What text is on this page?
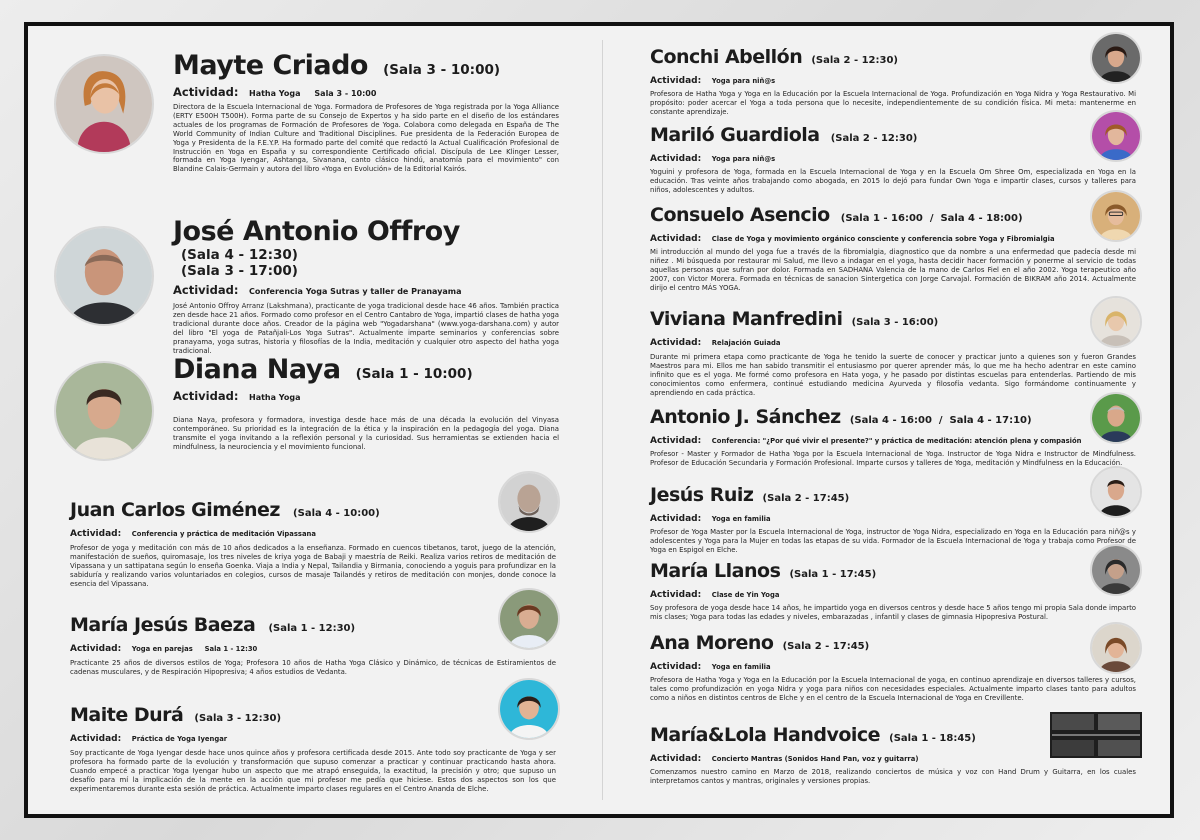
Mayte Criado (Sala 3 - 10:00)
Actividad: Hatha Yoga     Sala 3 - 10:00
Directora de la Escuela Internacional de Yoga. Formadora de Profesores de Yoga registrada por la Yoga Alliance (ERTY E500H T500H). Forma parte de su Consejo de Expertos y ha sido parte en el diseño de los estándares actuales de los programas de Formación de Profesores de Yoga. Colabora como delegada en España de The World Community of Indian Culture and Traditional Disciplines. Fue presidenta de la Federación Europea de Yoga y Presidenta de la F.E.Y.P. Ha formado parte del comité que redactó la Actual Cualificación Profesional de Instrucción en Yoga en España y su correspondiente Certificado oficial. Discípula de Lee Klinger Lesser, formada en Yoga Iyengar, Ashtanga, Sivanana, canto clásico hindú, anatomía para el movimiento" con Blandine Calais-Germain y autora del libro «Yoga en Evolución» de la Editorial Kairós.
José Antonio Offroy
(Sala 4 - 12:30)
(Sala 3 - 17:00)
Actividad: Conferencia Yoga Sutras y taller de Pranayama
José Antonio Offroy Arranz (Lakshmana), practicante de yoga tradicional desde hace 46 años. También practica zen desde hace 21 años. Formado como profesor en el Centro Cantabro de Yoga, impartió clases de hatha yoga tradicional durante doce años. Creador de la página web "Yogadarshana" (www.yoga-darshana.com) y autor del libro "El yoga de Patañjali-Los Yoga Sutras". Actualmente imparte seminarios y conferencias sobre pranayama, yoga sutras, historia y filosofías de la India, meditación y cualquier otro aspecto del hatha yoga tradicional.
Diana Naya (Sala 1 - 10:00)
Actividad: Hatha Yoga
Diana Naya, profesora y formadora, investiga desde hace más de una década la evolución del Vinyasa contemporáneo. Su prioridad es la integración de la ética y la inspiración en la pedagogía del yoga. Diana transmite el yoga invitando a la reflexión personal y la curiosidad. Sus herramientas se extienden hacia el mindfulness, la neurociencia y el movimiento funcional.
Juan Carlos Giménez (Sala 4 - 10:00)
Actividad: Conferencia y práctica de meditación Vipassana
Profesor de yoga y meditación con más de 10 años dedicados a la enseñanza. Formado en cuencos tibetanos, tarot, juego de la atención, manifestación de sueños, quiromasaje, los tres niveles de kriya yoga de Babaji y maestría de Reiki. Realiza varios retiros de meditación de Vipassana y un sattipatana según lo enseña Goenka. Viaja a India y Nepal, Tailandia y Birmania, conociendo a yoguis para profundizar en la sabiduría y realizando varios voluntariados en colegios, cursos de masaje Tailandés y retiros de meditación con monjes, donde conoce la esencia del Vipassana.
María Jesús Baeza (Sala 1 - 12:30)
Actividad: Yoga en parejas     Sala 1 - 12:30
Practicante 25 años de diversos estilos de Yoga; Profesora 10 años de Hatha Yoga Clásico y Dinámico, de técnicas de Estiramientos de cadenas musculares, y de Respiración Hipopresiva; 4 años estudios de Vedanta.
Maite Durá (Sala 3 - 12:30)
Actividad: Práctica de Yoga Iyengar
Soy practicante de Yoga Iyengar desde hace unos quince años y profesora certificada desde 2015. Ante todo soy practicante de Yoga y ser profesora ha formado parte de la evolución y transformación que supuso comenzar a practicar y continuar practicando hasta ahora. Cuando empecé a practicar Yoga Iyengar hubo un aspecto que me atrapó enseguida, la exactitud, la precisión y otro; que supuso un desafío para mí la implicación de la mente en la acción que mi profesor me pedía que hiciese. Estos dos aspectos son los que experimentaremos durante esta sesión de práctica. Actualmente imparto clases regulares en el Centro Ananda de Elche.
Conchi Abellón (Sala 2 - 12:30)
Actividad: Yoga para niñ@s
Profesora de Hatha Yoga y Yoga en la Educación por la Escuela Internacional de Yoga. Profundización en Yoga Nidra y Yoga Restaurativo. Mi propósito: poder acercar el Yoga a toda persona que lo necesite, independientemente de su condición física. Mi meta: mantenerme en constante aprendizaje.
Mariló Guardiola (Sala 2 - 12:30)
Actividad: Yoga para niñ@s
Yoguini y profesora de Yoga, formada en la Escuela Internacional de Yoga y en la Escuela Om Shree Om, especializada en Yoga en la educación. Tras veinte años trabajando como abogada, en 2015 lo dejó para fundar Own Yoga e impartir clases, cursos y talleres para niños, adolescentes y adultos.
Consuelo Asencio (Sala 1 - 16:00  /  Sala 4 - 18:00)
Actividad: Clase de Yoga y movimiento orgánico consciente y conferencia sobre Yoga y Fibromialgia
Mi introducción al mundo del yoga fue a través de la fibromialgia, diagnostico que da nombre a una enfermedad que padecía desde mi niñez . Mi búsqueda por restaurar mi Salud, me llevo a indagar en el yoga, hasta decidir hacer formación y ponerme al servicio de todas aquellas personas que sufran por dolor. Formada en SADHANA Valencia de la mano de Carlos Fiel en el año 2002. Yoga terapeutico año 2007, con Victor Morera. Formada en técnicas de sanacion Sintergetica con Jorge Carvajal. Formación de BIKRAM año 2014. Actualmente dirijo el centro MÁS YOGA.
Viviana Manfredini (Sala 3 - 16:00)
Actividad: Relajación Guiada
Durante mi primera etapa como practicante de Yoga he tenido la suerte de conocer y practicar junto a quienes son y fueron Grandes Maestros para mi. Ellos me han sabido transmitir el entusiasmo por querer aprender más, lo que me ha hecho adentrar en este camino infinito que es el yoga. Me formé como profesora en Hata yoga, y he pasado por distintas escuelas para entenderlas. Partiendo de mis conocimientos como enfermera, continué estudiando medicina Ayurveda y filosofía vedanta. Sigo formándome continuamente y aprendiendo en cada práctica.
Antonio J. Sánchez (Sala 4 - 16:00  /  Sala 4 - 17:10)
Actividad: Conferencia: "¿Por qué vivir el presente?" y práctica de meditación: atención plena y compasión
Profesor - Master y Formador de Hatha Yoga por la Escuela Internacional de Yoga. Instructor de Yoga Nidra e Instructor de Mindfulness. Profesor de Educación Secundaria y Formación Profesional. Imparte cursos y talleres de Yoga, meditación y Mindfulness en la Educación.
Jesús Ruiz (Sala 2 - 17:45)
Actividad: Yoga en familia
Profesor de Yoga Master por la Escuela Internacional de Yoga, instructor de Yoga Nidra, especializado en Yoga en la Educación para niñ@s y adolescentes y Yoga para la Mujer en todas las etapas de su vida. Formador de la Escuela Internacional de Yoga y trabaja como Profesor de Yoga en Espigol en Elche.
María Llanos (Sala 1 - 17:45)
Actividad: Clase de Yin Yoga
Soy profesora de yoga desde hace 14 años, he impartido yoga en diversos centros y desde hace 5 años tengo mi propia Sala donde imparto mis clases; Yoga para todas las edades y niveles, embarazadas , infantil y clases de gimnasia Hipopresiva Postural.
Ana Moreno (Sala 2 - 17:45)
Actividad: Yoga en familia
Profesora de Hatha Yoga y Yoga en la Educación por la Escuela Internacional de yoga, en continuo aprendizaje en diversos talleres y cursos, tales como profundización en yoga Nidra y yoga para niños con necesidades especiales. Actualmente imparto clases tanto para adultos como a niños en distintos centros de Elche y en el centro de la Escuela Internacional de Yoga en Crevillente.
María&Lola Handvoice (Sala 1 - 18:45)
Actividad: Concierto Mantras (Sonidos Hand Pan, voz y guitarra)
Comenzamos nuestro camino en Marzo de 2018, realizando conciertos de música y voz con Hand Drum y Guitarra, en los cuales interpretamos cantos y mantras, originales y versiones propias.
